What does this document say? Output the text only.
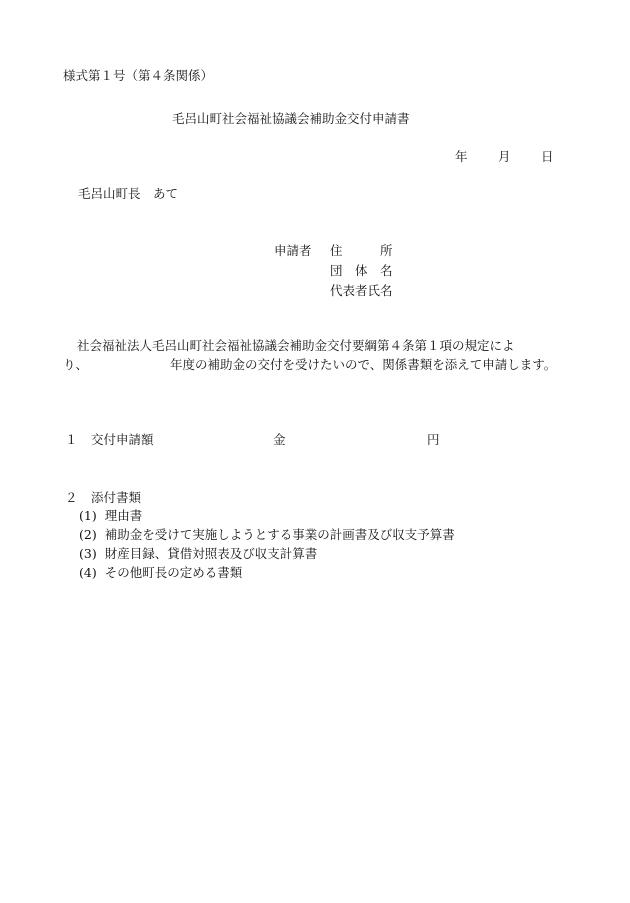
様式第１号（第４条関係）
毛呂山町社会福祉協議会補助金交付申請書
年 月 日
毛呂山町長　あて
申請者 住　　　所
団　体　名
代表者氏名
社会福祉法人毛呂山町社会福祉協議会補助金交付要綱第４条第１項の規定によ
り、	年度の補助金の交付を受けたいので、関係書類を添えて申請します。
１ 交付申請額	金	円
２ 添付書類
(1) 理由書
(2) 補助金を受けて実施しようとする事業の計画書及び収支予算書
(3) 財産目録、貸借対照表及び収支計算書
(4) その他町長の定める書類
